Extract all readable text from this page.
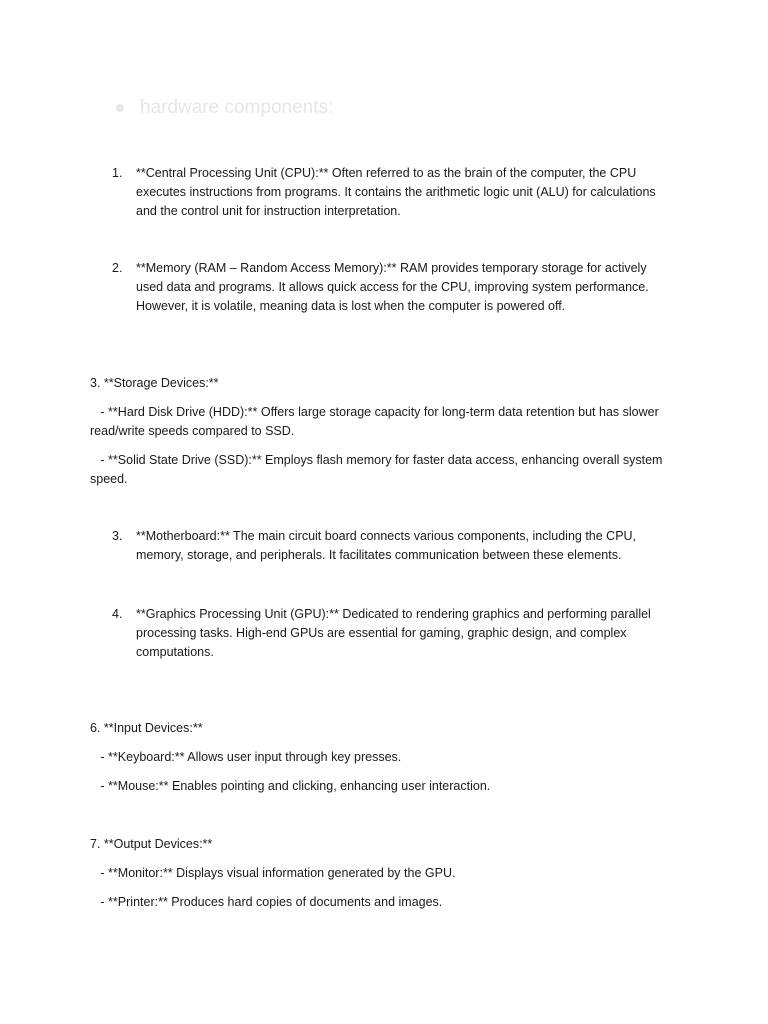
hardware components:
1.	**Central Processing Unit (CPU):** Often referred to as the brain of the computer, the CPU executes instructions from programs. It contains the arithmetic logic unit (ALU) for calculations and the control unit for instruction interpretation.
2.	**Memory (RAM – Random Access Memory):** RAM provides temporary storage for actively used data and programs. It allows quick access for the CPU, improving system performance. However, it is volatile, meaning data is lost when the computer is powered off.
3. **Storage Devices:**
- **Hard Disk Drive (HDD):** Offers large storage capacity for long-term data retention but has slower read/write speeds compared to SSD.
- **Solid State Drive (SSD):** Employs flash memory for faster data access, enhancing overall system speed.
3.	**Motherboard:** The main circuit board connects various components, including the CPU, memory, storage, and peripherals. It facilitates communication between these elements.
4.	**Graphics Processing Unit (GPU):** Dedicated to rendering graphics and performing parallel processing tasks. High-end GPUs are essential for gaming, graphic design, and complex computations.
6. **Input Devices:**
- **Keyboard:** Allows user input through key presses.
- **Mouse:** Enables pointing and clicking, enhancing user interaction.
7. **Output Devices:**
- **Monitor:** Displays visual information generated by the GPU.
- **Printer:** Produces hard copies of documents and images.
